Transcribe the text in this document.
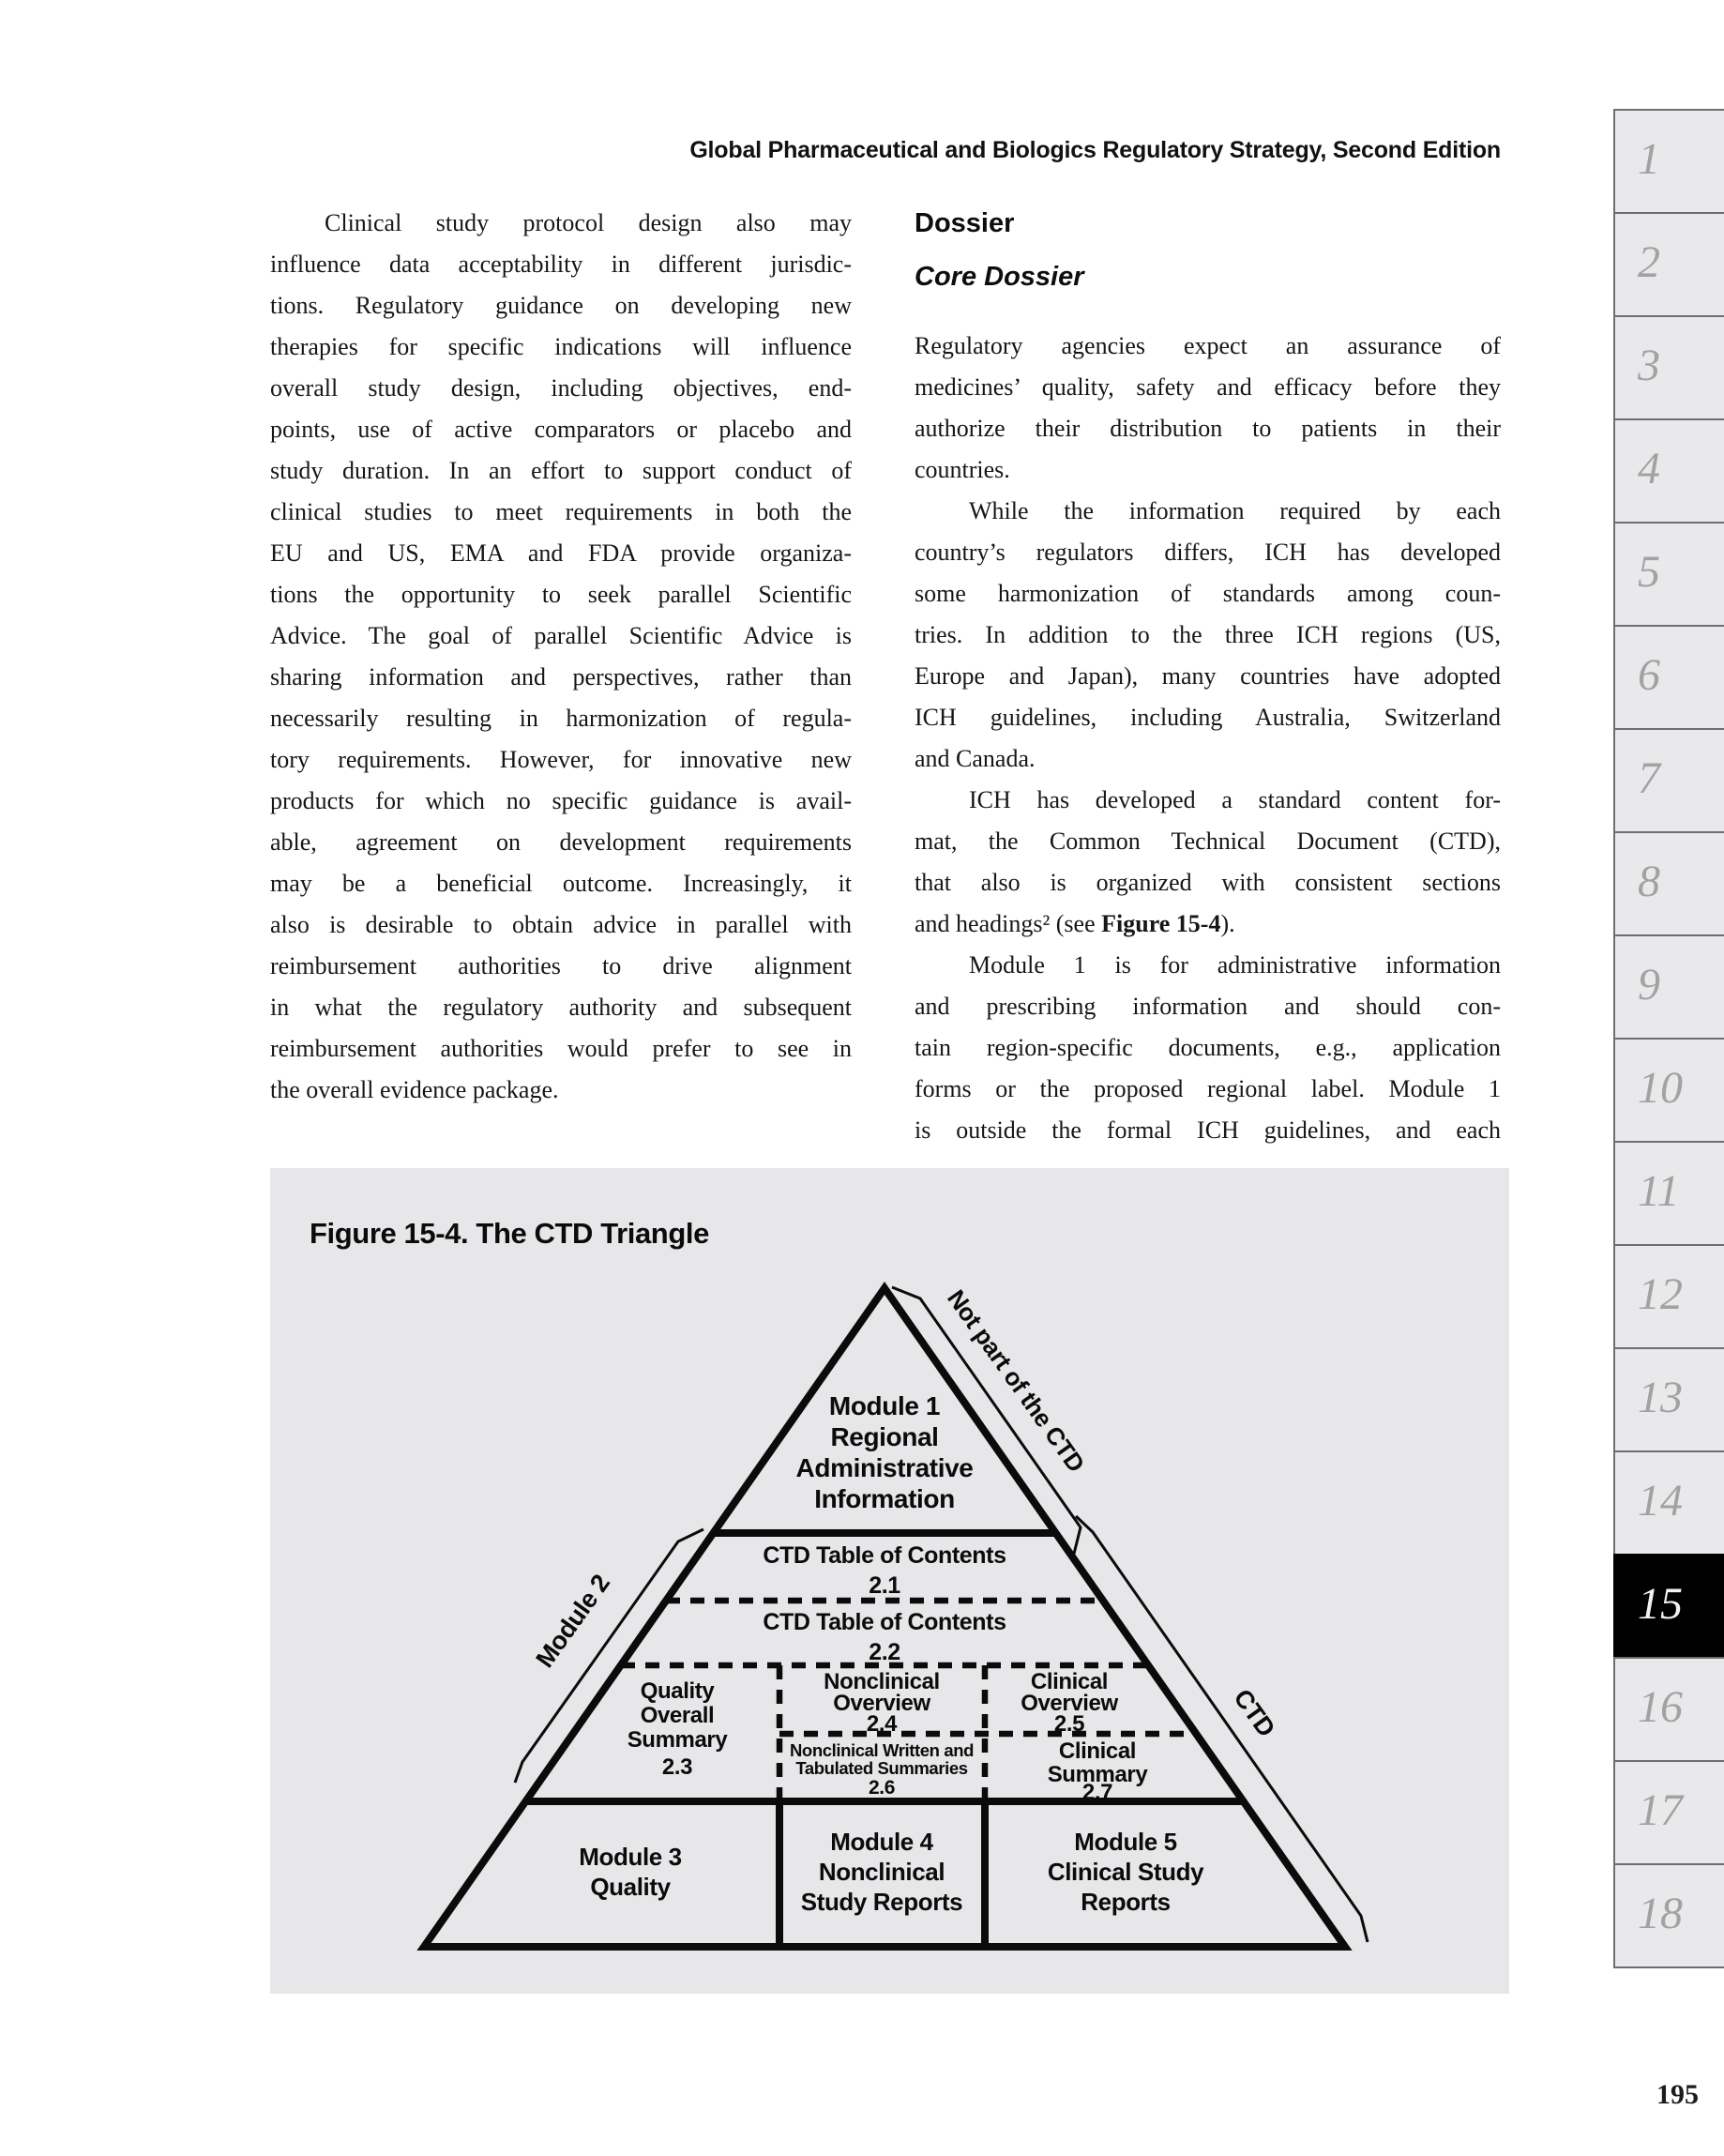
Global Pharmaceutical and Biologics Regulatory Strategy, Second Edition
Clinical study protocol design also may
influence data acceptability in different jurisdic-
tions. Regulatory guidance on developing new
therapies for specific indications will influence
overall study design, including objectives, end-
points, use of active comparators or placebo and
study duration. In an effort to support conduct of
clinical studies to meet requirements in both the
EU and US, EMA and FDA provide organiza-
tions the opportunity to seek parallel Scientific
Advice. The goal of parallel Scientific Advice is
sharing information and perspectives, rather than
necessarily resulting in harmonization of regula-
tory requirements. However, for innovative new
products for which no specific guidance is avail-
able, agreement on development requirements
may be a beneficial outcome. Increasingly, it
also is desirable to obtain advice in parallel with
reimbursement authorities to drive alignment
in what the regulatory authority and subsequent
reimbursement authorities would prefer to see in
the overall evidence package.
Dossier
Core Dossier
Regulatory agencies expect an assurance of
medicines’ quality, safety and efficacy before they
authorize their distribution to patients in their
countries.
While the information required by each
country’s regulators differs, ICH has developed
some harmonization of standards among coun-
tries. In addition to the three ICH regions (US,
Europe and Japan), many countries have adopted
ICH guidelines, including Australia, Switzerland
and Canada.
ICH has developed a standard content for-
mat, the Common Technical Document (CTD),
that also is organized with consistent sections
and headings² (see Figure 15-4).
Module 1 is for administrative information
and prescribing information and should con-
tain region-specific documents, e.g., application
forms or the proposed regional label. Module 1
is outside the formal ICH guidelines, and each
Figure 15-4. The CTD Triangle
Not part of the CTD
Module 2
CTD
Module 1
Regional
Administrative
Information
CTD Table of Contents
2.1
CTD Table of Contents
2.2
Quality
Overall
Summary
2.3
Nonclinical
Overview
2.4
Clinical
Overview
2.5
Nonclinical Written and
Tabulated Summaries
2.6
Clinical
Summary
2.7
Module 3
Quality
Module 4
Nonclinical
Study Reports
Module 5
Clinical Study
Reports
1
2
3
4
5
6
7
8
9
10
11
12
13
14
15
16
17
18
195
